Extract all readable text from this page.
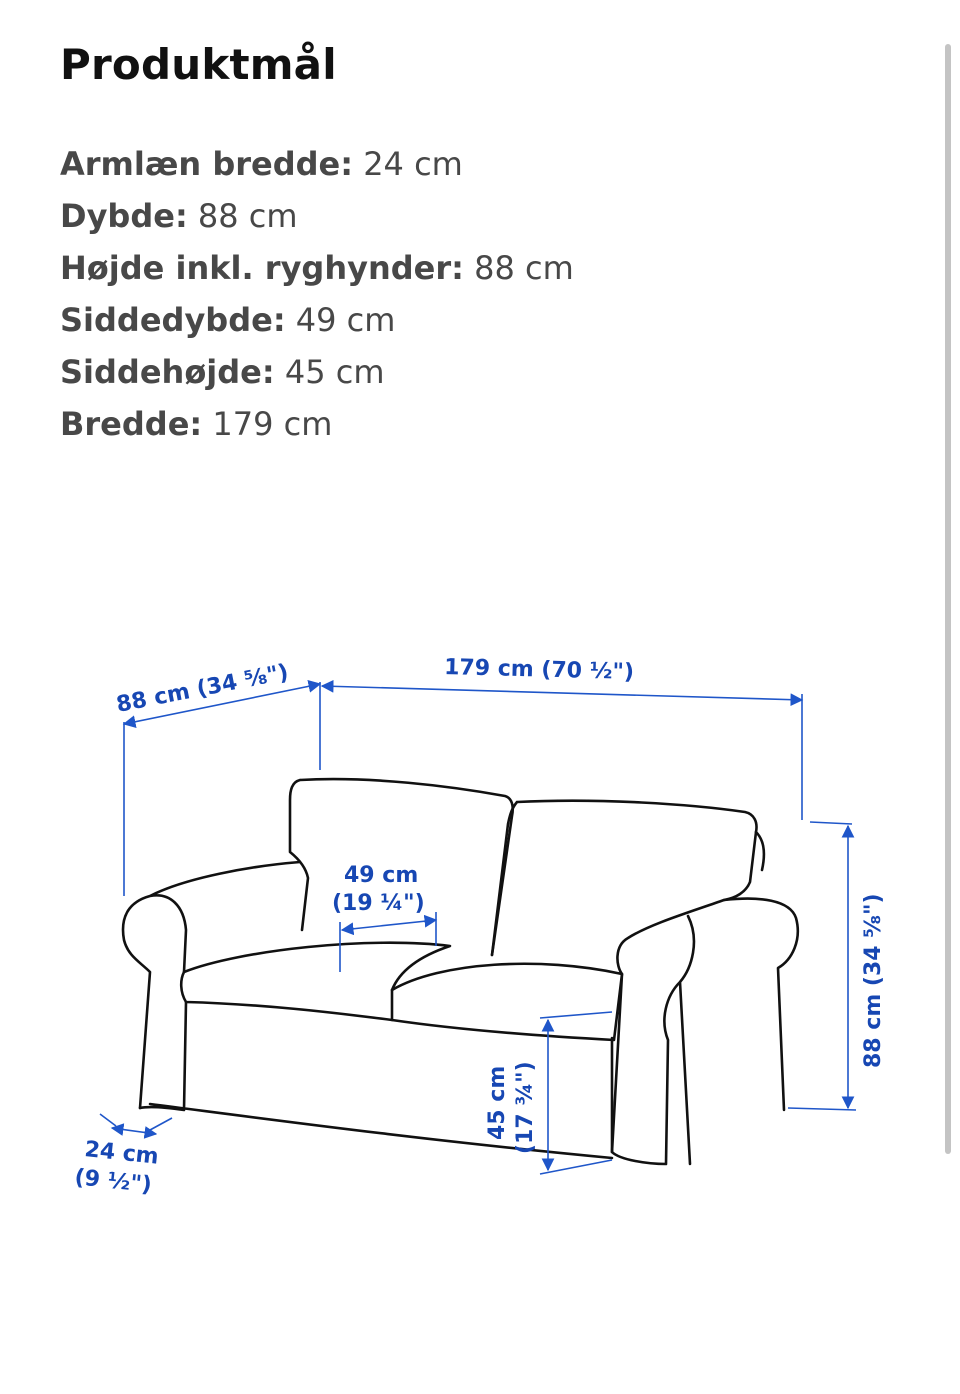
Produktmål
Armlæn bredde: 24 cm
Dybde: 88 cm
Højde inkl. ryghynder: 88 cm
Siddedybde: 49 cm
Siddehøjde: 45 cm
Bredde: 179 cm
88 cm (34 ⅝")	179 cm (70 ½")
88 cm (34 ⅝")
49 cm
(19 ¼")
45 cm (17 ¾")
24 cm
(9 ½")
